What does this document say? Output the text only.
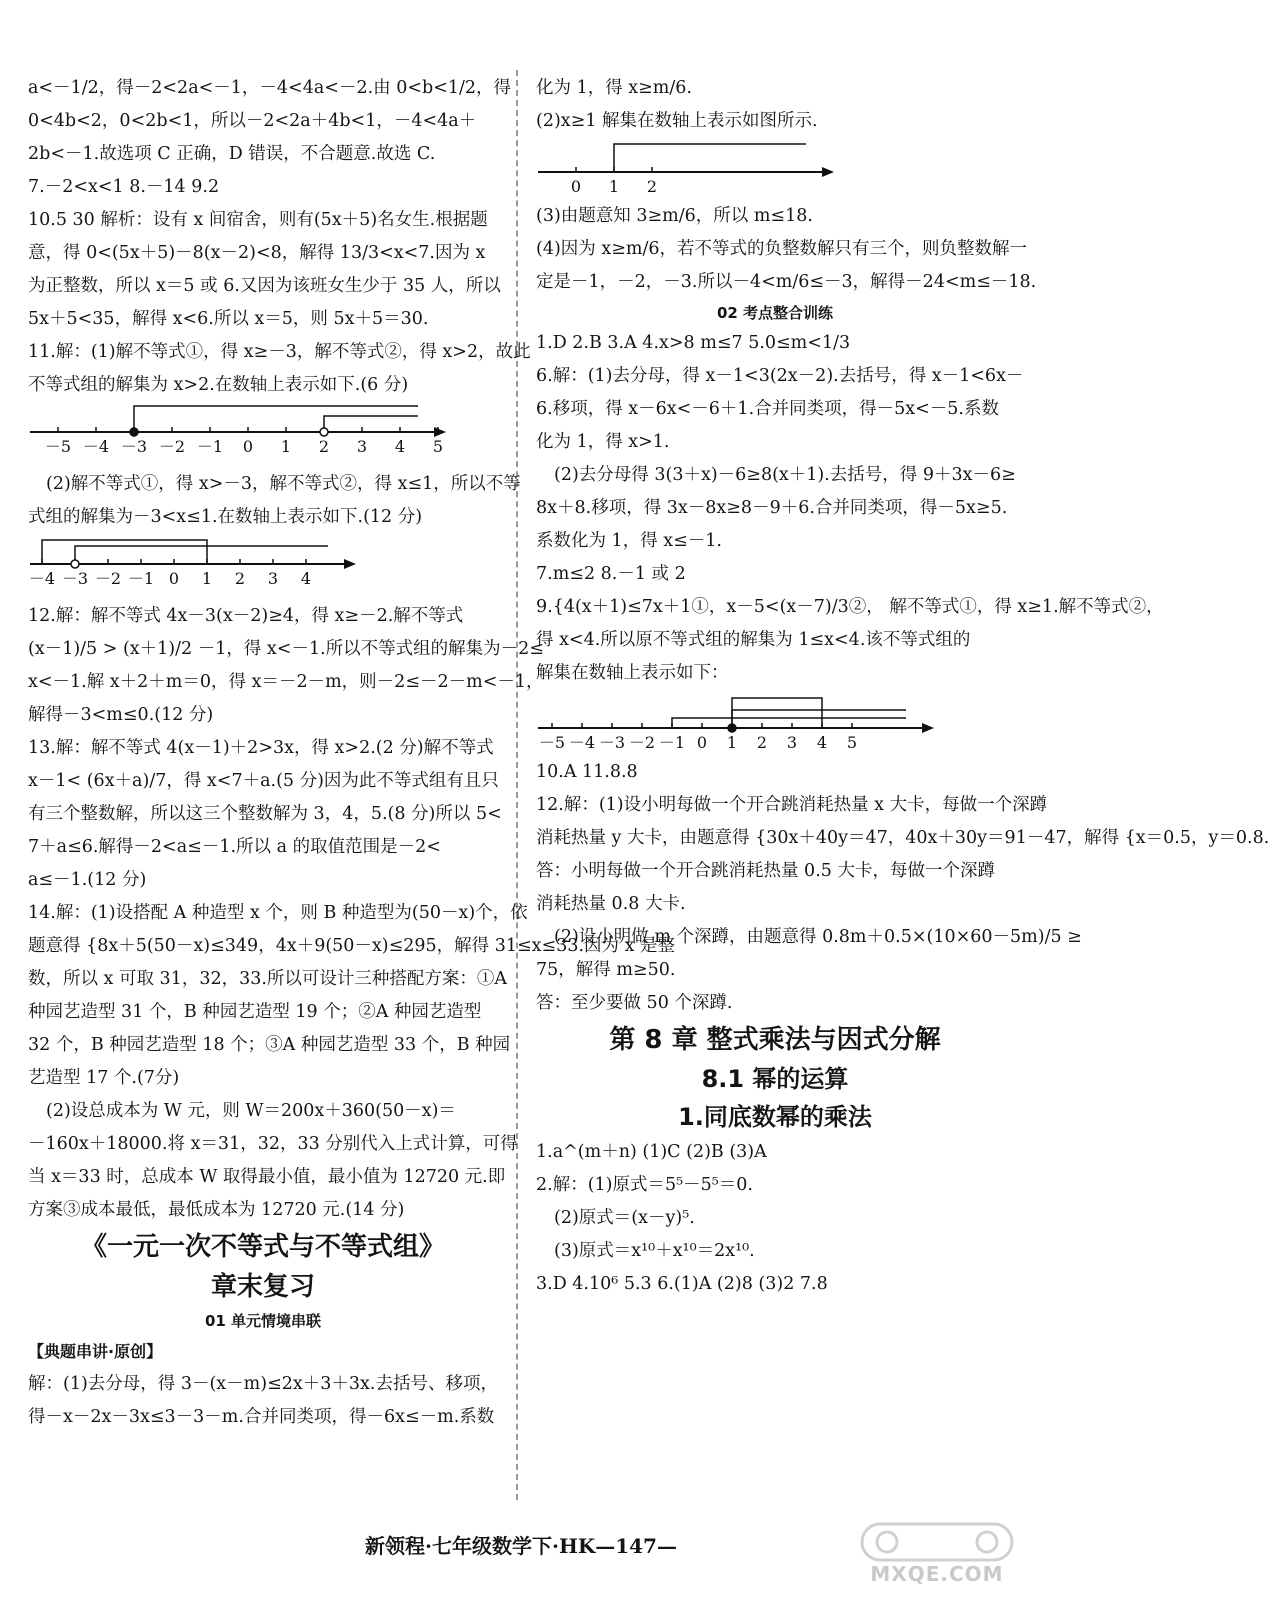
a<－1/2，得－2<2a<－1，－4<4a<－2.由 0<b<1/2，得
0<4b<2，0<2b<1，所以－2<2a＋4b<1，－4<4a＋
2b<－1.故选项 C 正确，D 错误，不合题意.故选 C.
7.－2<x<1 8.－14 9.2
10.5 30 解析：设有 x 间宿舍，则有(5x＋5)名女生.根据题
意，得 0<(5x＋5)－8(x－2)<8，解得 13/3<x<7.因为 x
为正整数，所以 x＝5 或 6.又因为该班女生少于 35 人，所以
5x＋5<35，解得 x<6.所以 x＝5，则 5x＋5＝30.
11.解：(1)解不等式①，得 x≥－3，解不等式②，得 x>2，故此
不等式组的解集为 x>2.在数轴上表示如下.(6 分)
－5 －4 －3 －2 －1 0 1 2 3 4 5
(2)解不等式①，得 x>－3，解不等式②，得 x≤1，所以不等
式组的解集为－3<x≤1.在数轴上表示如下.(12 分)
－4 －3 －2 －1 0 1 2 3 4
12.解：解不等式 4x－3(x－2)≥4，得 x≥－2.解不等式
(x－1)/5 > (x＋1)/2 －1，得 x<－1.所以不等式组的解集为－2≤
x<－1.解 x＋2＋m＝0，得 x＝－2－m，则－2≤－2－m<－1，
解得－3<m≤0.(12 分)
13.解：解不等式 4(x－1)＋2>3x，得 x>2.(2 分)解不等式
x－1< (6x＋a)/7，得 x<7＋a.(5 分)因为此不等式组有且只
有三个整数解，所以这三个整数解为 3，4，5.(8 分)所以 5<
7＋a≤6.解得－2<a≤－1.所以 a 的取值范围是－2<
a≤－1.(12 分)
14.解：(1)设搭配 A 种造型 x 个，则 B 种造型为(50－x)个，依
题意得 {8x＋5(50－x)≤349，4x＋9(50－x)≤295，解得 31≤x≤33.因为 x 是整
数，所以 x 可取 31，32，33.所以可设计三种搭配方案：①A
种园艺造型 31 个，B 种园艺造型 19 个；②A 种园艺造型
32 个，B 种园艺造型 18 个；③A 种园艺造型 33 个，B 种园
艺造型 17 个.(7分)
(2)设总成本为 W 元，则 W＝200x＋360(50－x)＝
－160x＋18000.将 x＝31，32，33 分别代入上式计算，可得
当 x＝33 时，总成本 W 取得最小值，最小值为 12720 元.即
方案③成本最低，最低成本为 12720 元.(14 分)
《一元一次不等式与不等式组》
章末复习
01 单元情境串联
【典题串讲·原创】
解：(1)去分母，得 3－(x－m)≤2x＋3＋3x.去括号、移项，
得－x－2x－3x≤3－3－m.合并同类项，得－6x≤－m.系数
化为 1，得 x≥m/6.
(2)x≥1 解集在数轴上表示如图所示.
0 1 2
(3)由题意知 3≥m/6，所以 m≤18.
(4)因为 x≥m/6，若不等式的负整数解只有三个，则负整数解一
定是－1，－2，－3.所以－4<m/6≤－3，解得－24<m≤－18.
02 考点整合训练
1.D 2.B 3.A 4.x>8 m≤7 5.0≤m<1/3
6.解：(1)去分母，得 x－1<3(2x－2).去括号，得 x－1<6x－
6.移项，得 x－6x<－6＋1.合并同类项，得－5x<－5.系数
化为 1，得 x>1.
(2)去分母得 3(3＋x)－6≥8(x＋1).去括号，得 9＋3x－6≥
8x＋8.移项，得 3x－8x≥8－9＋6.合并同类项，得－5x≥5.
系数化为 1，得 x≤－1.
7.m≤2 8.－1 或 2
9.{4(x＋1)≤7x＋1①，x－5<(x－7)/3②， 解不等式①，得 x≥1.解不等式②，
得 x<4.所以原不等式组的解集为 1≤x<4.该不等式组的
解集在数轴上表示如下：
－5 －4 －3 －2 －1 0 1 2 3 4 5
10.A 11.8.8
12.解：(1)设小明每做一个开合跳消耗热量 x 大卡，每做一个深蹲
消耗热量 y 大卡，由题意得 {30x＋40y＝47，40x＋30y＝91－47，解得 {x＝0.5，y＝0.8.
答：小明每做一个开合跳消耗热量 0.5 大卡，每做一个深蹲
消耗热量 0.8 大卡.
(2)设小明做 m 个深蹲，由题意得 0.8m＋0.5×(10×60－5m)/5 ≥
75，解得 m≥50.
答：至少要做 50 个深蹲.
第 8 章 整式乘法与因式分解
8.1 幂的运算
1.同底数幂的乘法
1.a^(m＋n) (1)C (2)B (3)A
2.解：(1)原式＝5⁵－5⁵＝0.
(2)原式＝(x－y)⁵.
(3)原式＝x¹⁰＋x¹⁰＝2x¹⁰.
3.D 4.10⁶ 5.3 6.(1)A (2)8 (3)2 7.8
新领程·七年级数学下·HK—147—
MXQE.COM
